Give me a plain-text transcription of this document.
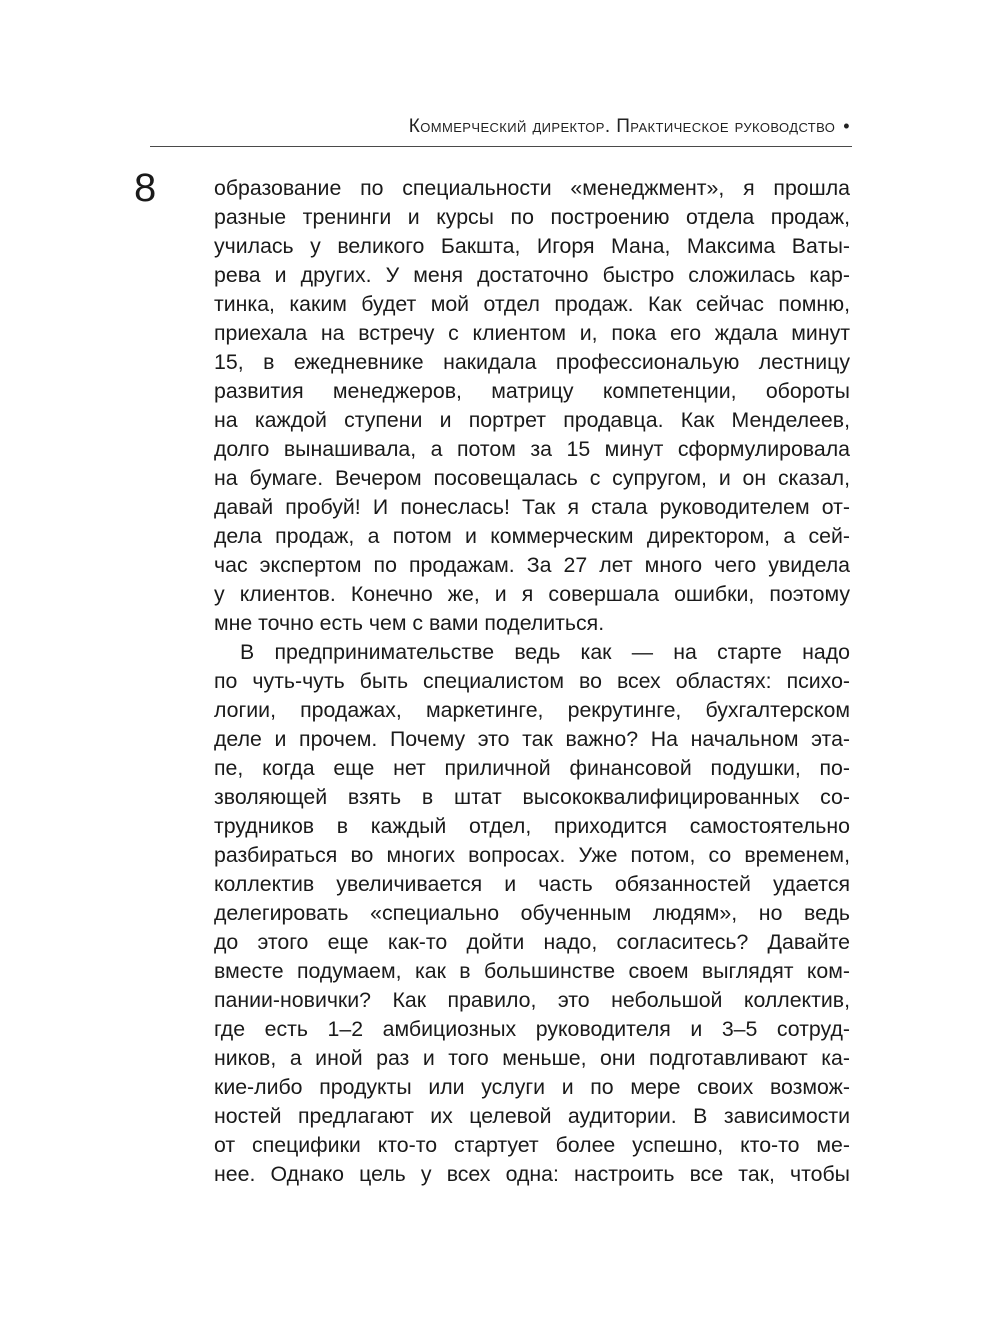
Коммерческий директор. Практическое руководство •
8	образование по специальности «менеджмент», я прошла
разные тренинги и курсы по построению отдела продаж,
училась у великого Бакшта, Игоря Мана, Максима Baты-
рева и других. У меня достаточно быстро сложилась кар-
тинка, каким будет мой отдел продаж. Как сейчас помню,
приехала на встречу с клиентом и, пока его ждала минут
15, в ежедневнике накидала профессиональую лестницу
развития менеджеров, матрицу компетенции, обороты
на каждой ступени и портрет продавца. Как Менделеев,
долго вынашивала, а потом за 15 минут сформулировала
на бумаге. Вечером посовещалась с супругом, и он сказал,
давай пробуй! И понеслась! Так я стала руководителем от-
дела продаж, а потом и коммерческим директором, а сей-
час экспертом по продажам. За 27 лет много чего увидела
у клиентов. Конечно же, и я совершала ошибки, поэтому
мне точно есть чем с вами поделиться.
В предпринимательстве ведь как — на старте надо
по чуть-чуть быть специалистом во всех областях: психо-
логии, продажах, маркетинге, рекрутинге, бухгалтерском
деле и прочем. Почему это так важно? На начальном эта-
пе, когда еще нет приличной финансовой подушки, по-
зволяющей взять в штат высококвалифицированных со-
трудников в каждый отдел, приходится самостоятельно
разбираться во многих вопросах. Уже потом, со временем,
коллектив увеличивается и часть обязанностей удается
делегировать «специально обученным людям», но ведь
до этого еще как-то дойти надо, согласитесь? Давайте
вместе подумаем, как в большинстве своем выглядят ком-
пании-новички? Как правило, это небольшой коллектив,
где есть 1–2 амбициозных руководителя и 3–5 сотруд-
ников, а иной раз и того меньше, они подготавливают ка-
кие-либо продукты или услуги и по мере своих возмож-
ностей предлагают их целевой аудитории. В зависимости
от специфики кто-то стартует более успешно, кто-то ме-
нее. Однако цель у всех одна: настроить все так, чтобы
